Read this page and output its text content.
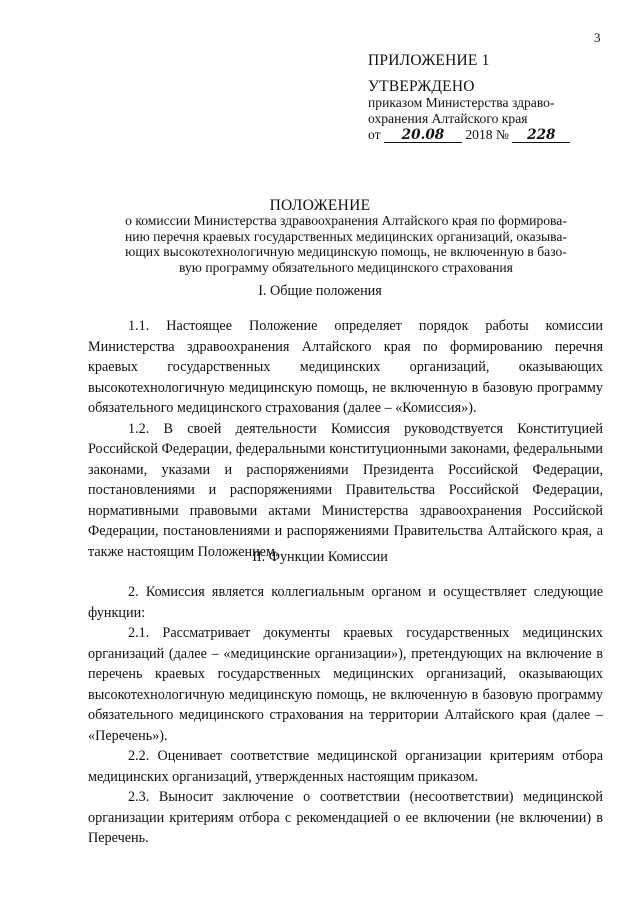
3
ПРИЛОЖЕНИЕ 1
УТВЕРЖДЕНО
приказом Министерства здраво-
охранения Алтайского края
от 20.08 2018 № 228
ПОЛОЖЕНИЕ
о комиссии Министерства здравоохранения Алтайского края по формирова-
нию перечня краевых государственных медицинских организаций, оказыва-
ющих высокотехнологичную медицинскую помощь, не включенную в базо-
вую программу обязательного медицинского страхования
I. Общие положения

1.1. Настоящее Положение определяет порядок работы комиссии Министерства здравоохранения Алтайского края по формированию перечня краевых государственных медицинских организаций, оказывающих высокотехнологичную медицинскую помощь, не включенную в базовую программу обязательного медицинского страхования (далее – «Комиссия»).

1.2. В своей деятельности Комиссия руководствуется Конституцией Российской Федерации, федеральными конституционными законами, федеральными законами, указами и распоряжениями Президента Российской Федерации, постановлениями и распоряжениями Правительства Российской Федерации, нормативными правовыми актами Министерства здравоохранения Российской Федерации, постановлениями и распоряжениями Правительства Алтайского края, а также настоящим Положением.

II. Функции Комиссии

2. Комиссия является коллегиальным органом и осуществляет следующие функции:

2.1. Рассматривает документы краевых государственных медицинских организаций (далее – «медицинские организации»), претендующих на включение в перечень краевых государственных медицинских организаций, оказывающих высокотехнологичную медицинскую помощь, не включенную в базовую программу обязательного медицинского страхования на территории Алтайского края (далее – «Перечень»).

2.2. Оценивает соответствие медицинской организации критериям отбора медицинских организаций, утвержденных настоящим приказом.

2.3. Выносит заключение о соответствии (несоответствии) медицинской организации критериям отбора с рекомендацией о ее включении (не включении) в Перечень.
